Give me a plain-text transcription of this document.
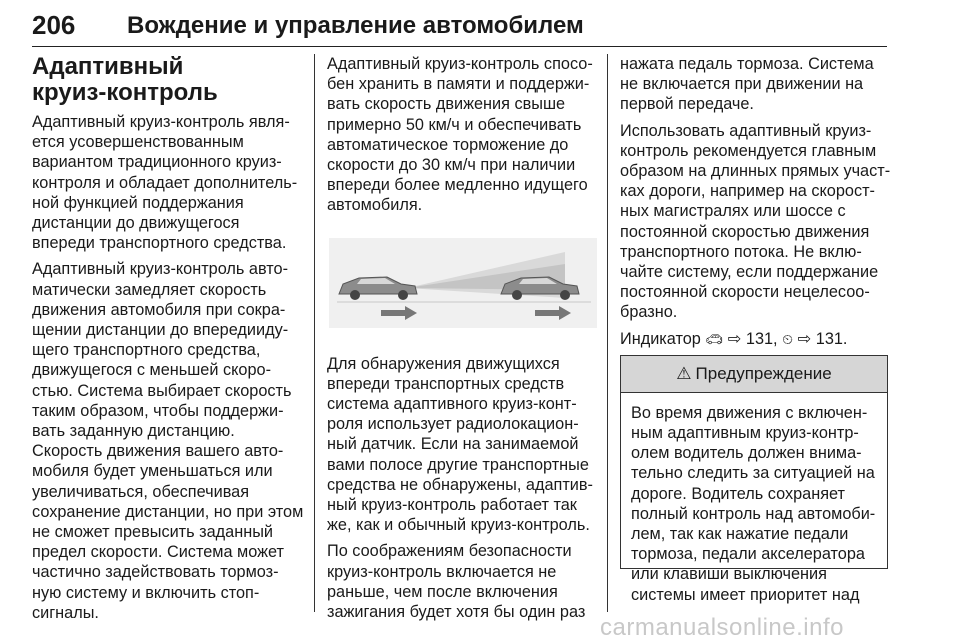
206 Вождение и управление автомобилем
Адаптивный
круиз-контроль

Адаптивный круиз-контроль явля-
ется усовершенствованным
вариантом традиционного круиз-
контроля и обладает дополнитель-
ной функцией поддержания
дистанции до движущегося
впереди транспортного средства.

Адаптивный круиз-контроль авто-
матически замедляет скорость
движения автомобиля при сокра-
щении дистанции до впередииду-
щего транспортного средства,
движущегося с меньшей скоро-
стью. Система выбирает скорость
таким образом, чтобы поддержи-
вать заданную дистанцию.
Скорость движения вашего авто-
мобиля будет уменьшаться или
увеличиваться, обеспечивая
сохранение дистанции, но при этом
не сможет превысить заданный
предел скорости. Система может
частично задействовать тормоз-
ную систему и включить стоп-
сигналы.

Адаптивный круиз-контроль спосо-
бен хранить в памяти и поддержи-
вать скорость движения свыше
примерно 50 км/ч и обеспечивать
автоматическое торможение до
скорости до 30 км/ч при наличии
впереди более медленно идущего
автомобиля.

Для обнаружения движущихся
впереди транспортных средств
система адаптивного круиз-конт-
роля использует радиолокацион-
ный датчик. Если на занимаемой
вами полосе другие транспортные
средства не обнаружены, адаптив-
ный круиз-контроль работает так
же, как и обычный круиз-контроль.

По соображениям безопасности
круиз-контроль включается не
раньше, чем после включения
зажигания будет хотя бы один раз

нажата педаль тормоза. Система
не включается при движении на
первой передаче.

Использовать адаптивный круиз-
контроль рекомендуется главным
образом на длинных прямых участ-
ках дороги, например на скорост-
ных магистралях или шоссе с
постоянной скоростью движения
транспортного потока. Не вклю-
чайте систему, если поддержание
постоянной скорости нецелесоо-
бразно.

Индикатор 🚗︎ ⇨ 131, ⏲ ⇨ 131.

⚠ Предупреждение
Во время движения с включен-
ным адаптивным круиз-контр-
олем водитель должен внима-
тельно следить за ситуацией на
дороге. Водитель сохраняет
полный контроль над автомоби-
лем, так как нажатие педали
тормоза, педали акселератора
или клавиши выключения
системы имеет приоритет над
carmanualsonline.info
